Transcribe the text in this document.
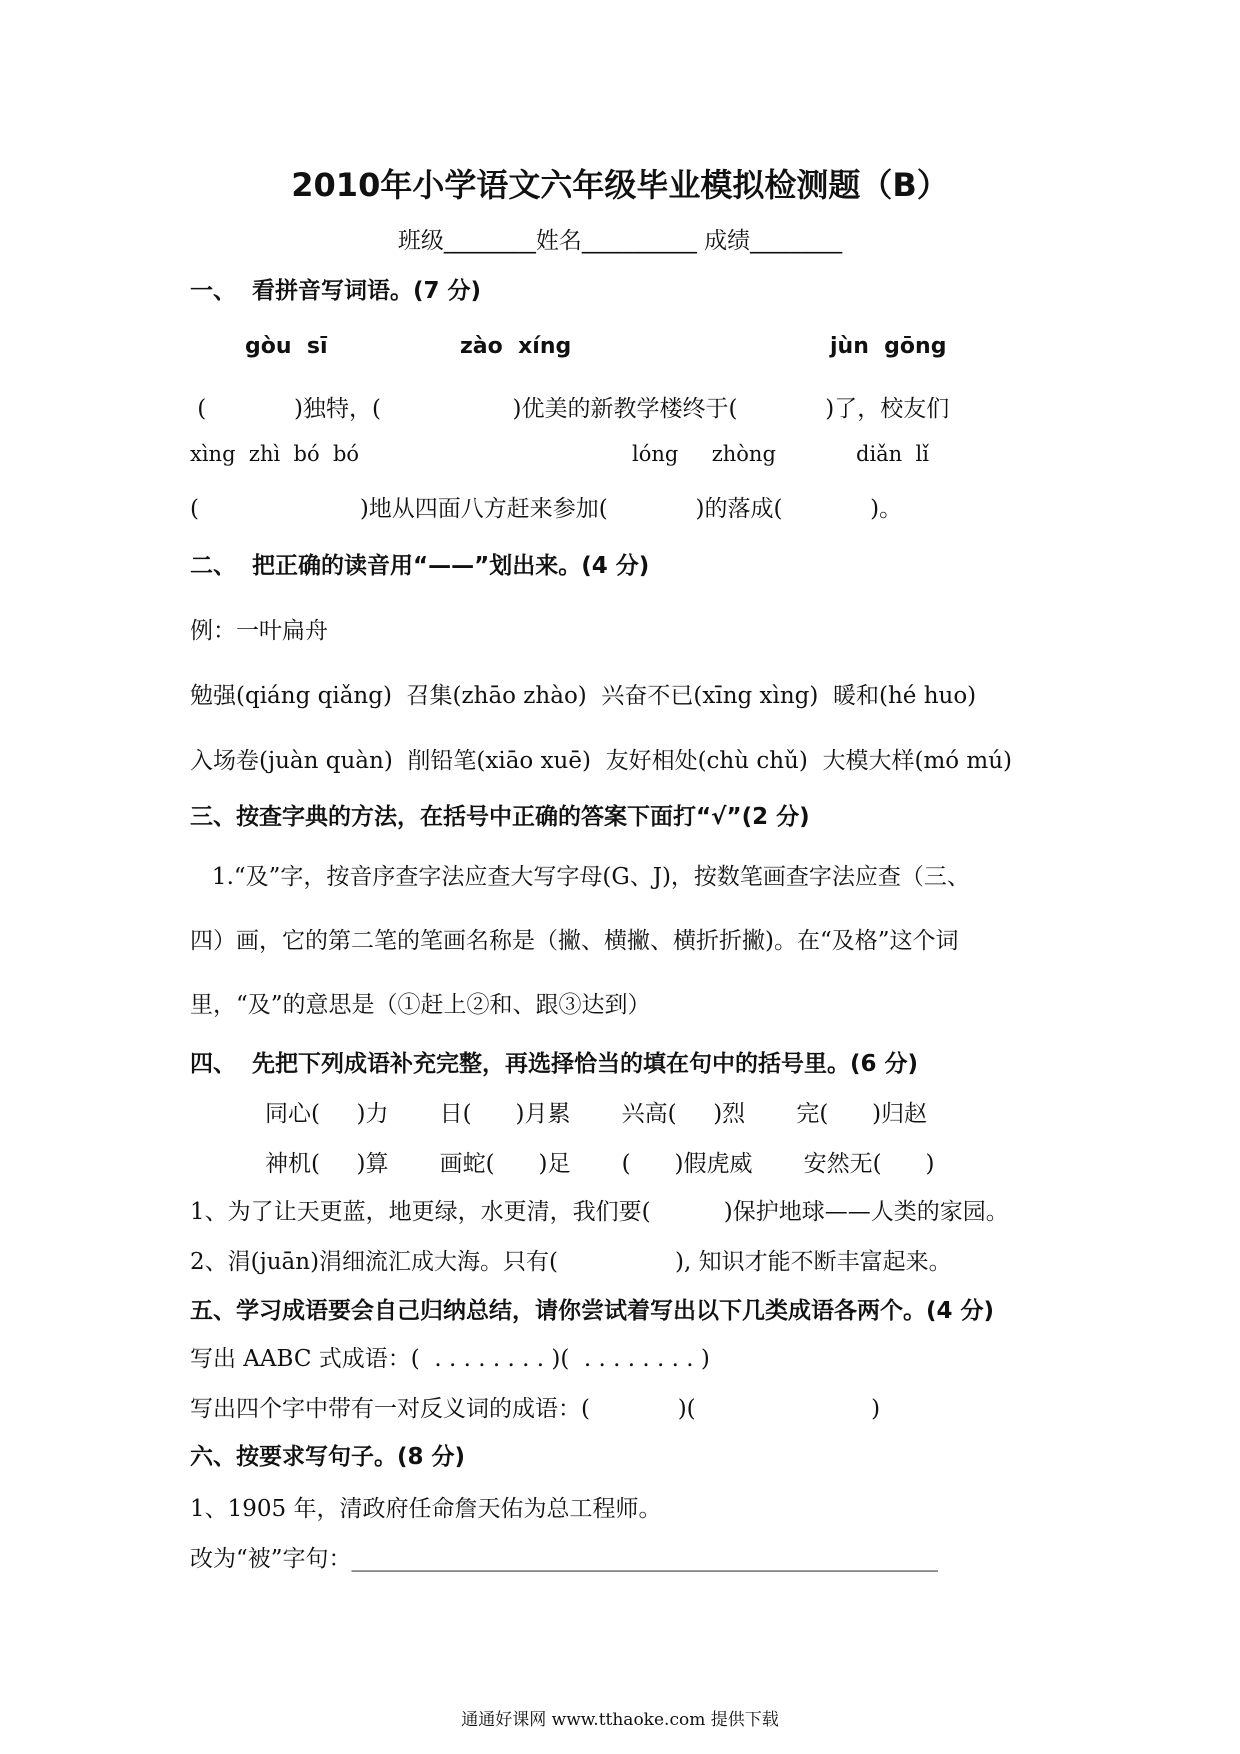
2010年小学语文六年级毕业模拟检测题（B）
班级________姓名__________ 成绩________
一、  看拼音写词语。(7 分)
gòu  sī	zào  xíng	jùn  gōng
(            )独特，(                  )优美的新教学楼终于(            )了，校友们
xìng  zhì  bó  bó	lóng     zhòng	diǎn  lǐ
(                      )地从四面八方赶来参加(            )的落成(            )。
二、  把正确的读音用“——”划出来。(4 分)
例：一叶扁舟
勉强(qiáng qiǎng)  召集(zhāo zhào)  兴奋不已(xīng xìng)  暖和(hé huo)
入场卷(juàn quàn)  削铅笔(xiāo xuē)  友好相处(chù chǔ)  大模大样(mó mú)
三、按查字典的方法，在括号中正确的答案下面打“√”(2 分)
1.“及”字，按音序查字法应查大写字母(G、J)，按数笔画查字法应查（三、
四）画，它的第二笔的笔画名称是（撇、横撇、横折折撇)。在“及格”这个词
里，“及”的意思是（①赶上②和、跟③达到）
四、  先把下列成语补充完整，再选择恰当的填在句中的括号里。(6 分)
同心(     )力       日(      )月累       兴高(     )烈       完(      )归赵
神机(     )算       画蛇(      )足       (      )假虎威       安然无(      )
1、为了让天更蓝，地更绿，水更清，我们要(          )保护地球——人类的家园。
2、涓(juān)涓细流汇成大海。只有(                ), 知识才能不断丰富起来。
五、学习成语要会自己归纳总结，请你尝试着写出以下几类成语各两个。(4 分)
写出 AABC 式成语：(  . . . . . . . . )(  . . . . . . . . )
写出四个字中带有一对反义词的成语：(            )(                        )
六、按要求写句子。(8 分)
1、1905 年，清政府任命詹天佑为总工程师。
改为“被”字句：___________________________________________________
通通好课网 www.tthaoke.com 提供下载
